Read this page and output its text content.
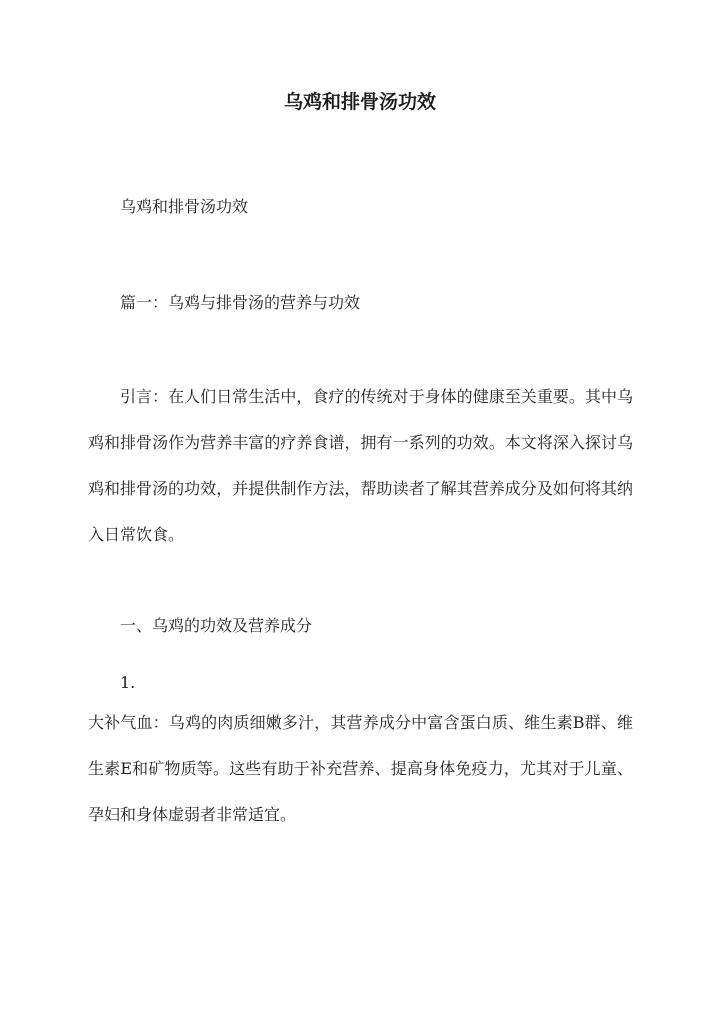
乌鸡和排骨汤功效

乌鸡和排骨汤功效

篇一：乌鸡与排骨汤的营养与功效

引言：在人们日常生活中，食疗的传统对于身体的健康至关重要。其中乌鸡和排骨汤作为营养丰富的疗养食谱，拥有一系列的功效。本文将深入探讨乌鸡和排骨汤的功效，并提供制作方法，帮助读者了解其营养成分及如何将其纳入日常饮食。

一、乌鸡的功效及营养成分

1.

大补气血：乌鸡的肉质细嫩多汁，其营养成分中富含蛋白质、维生素B群、维生素E和矿物质等。这些有助于补充营养、提高身体免疫力，尤其对于儿童、孕妇和身体虚弱者非常适宜。
